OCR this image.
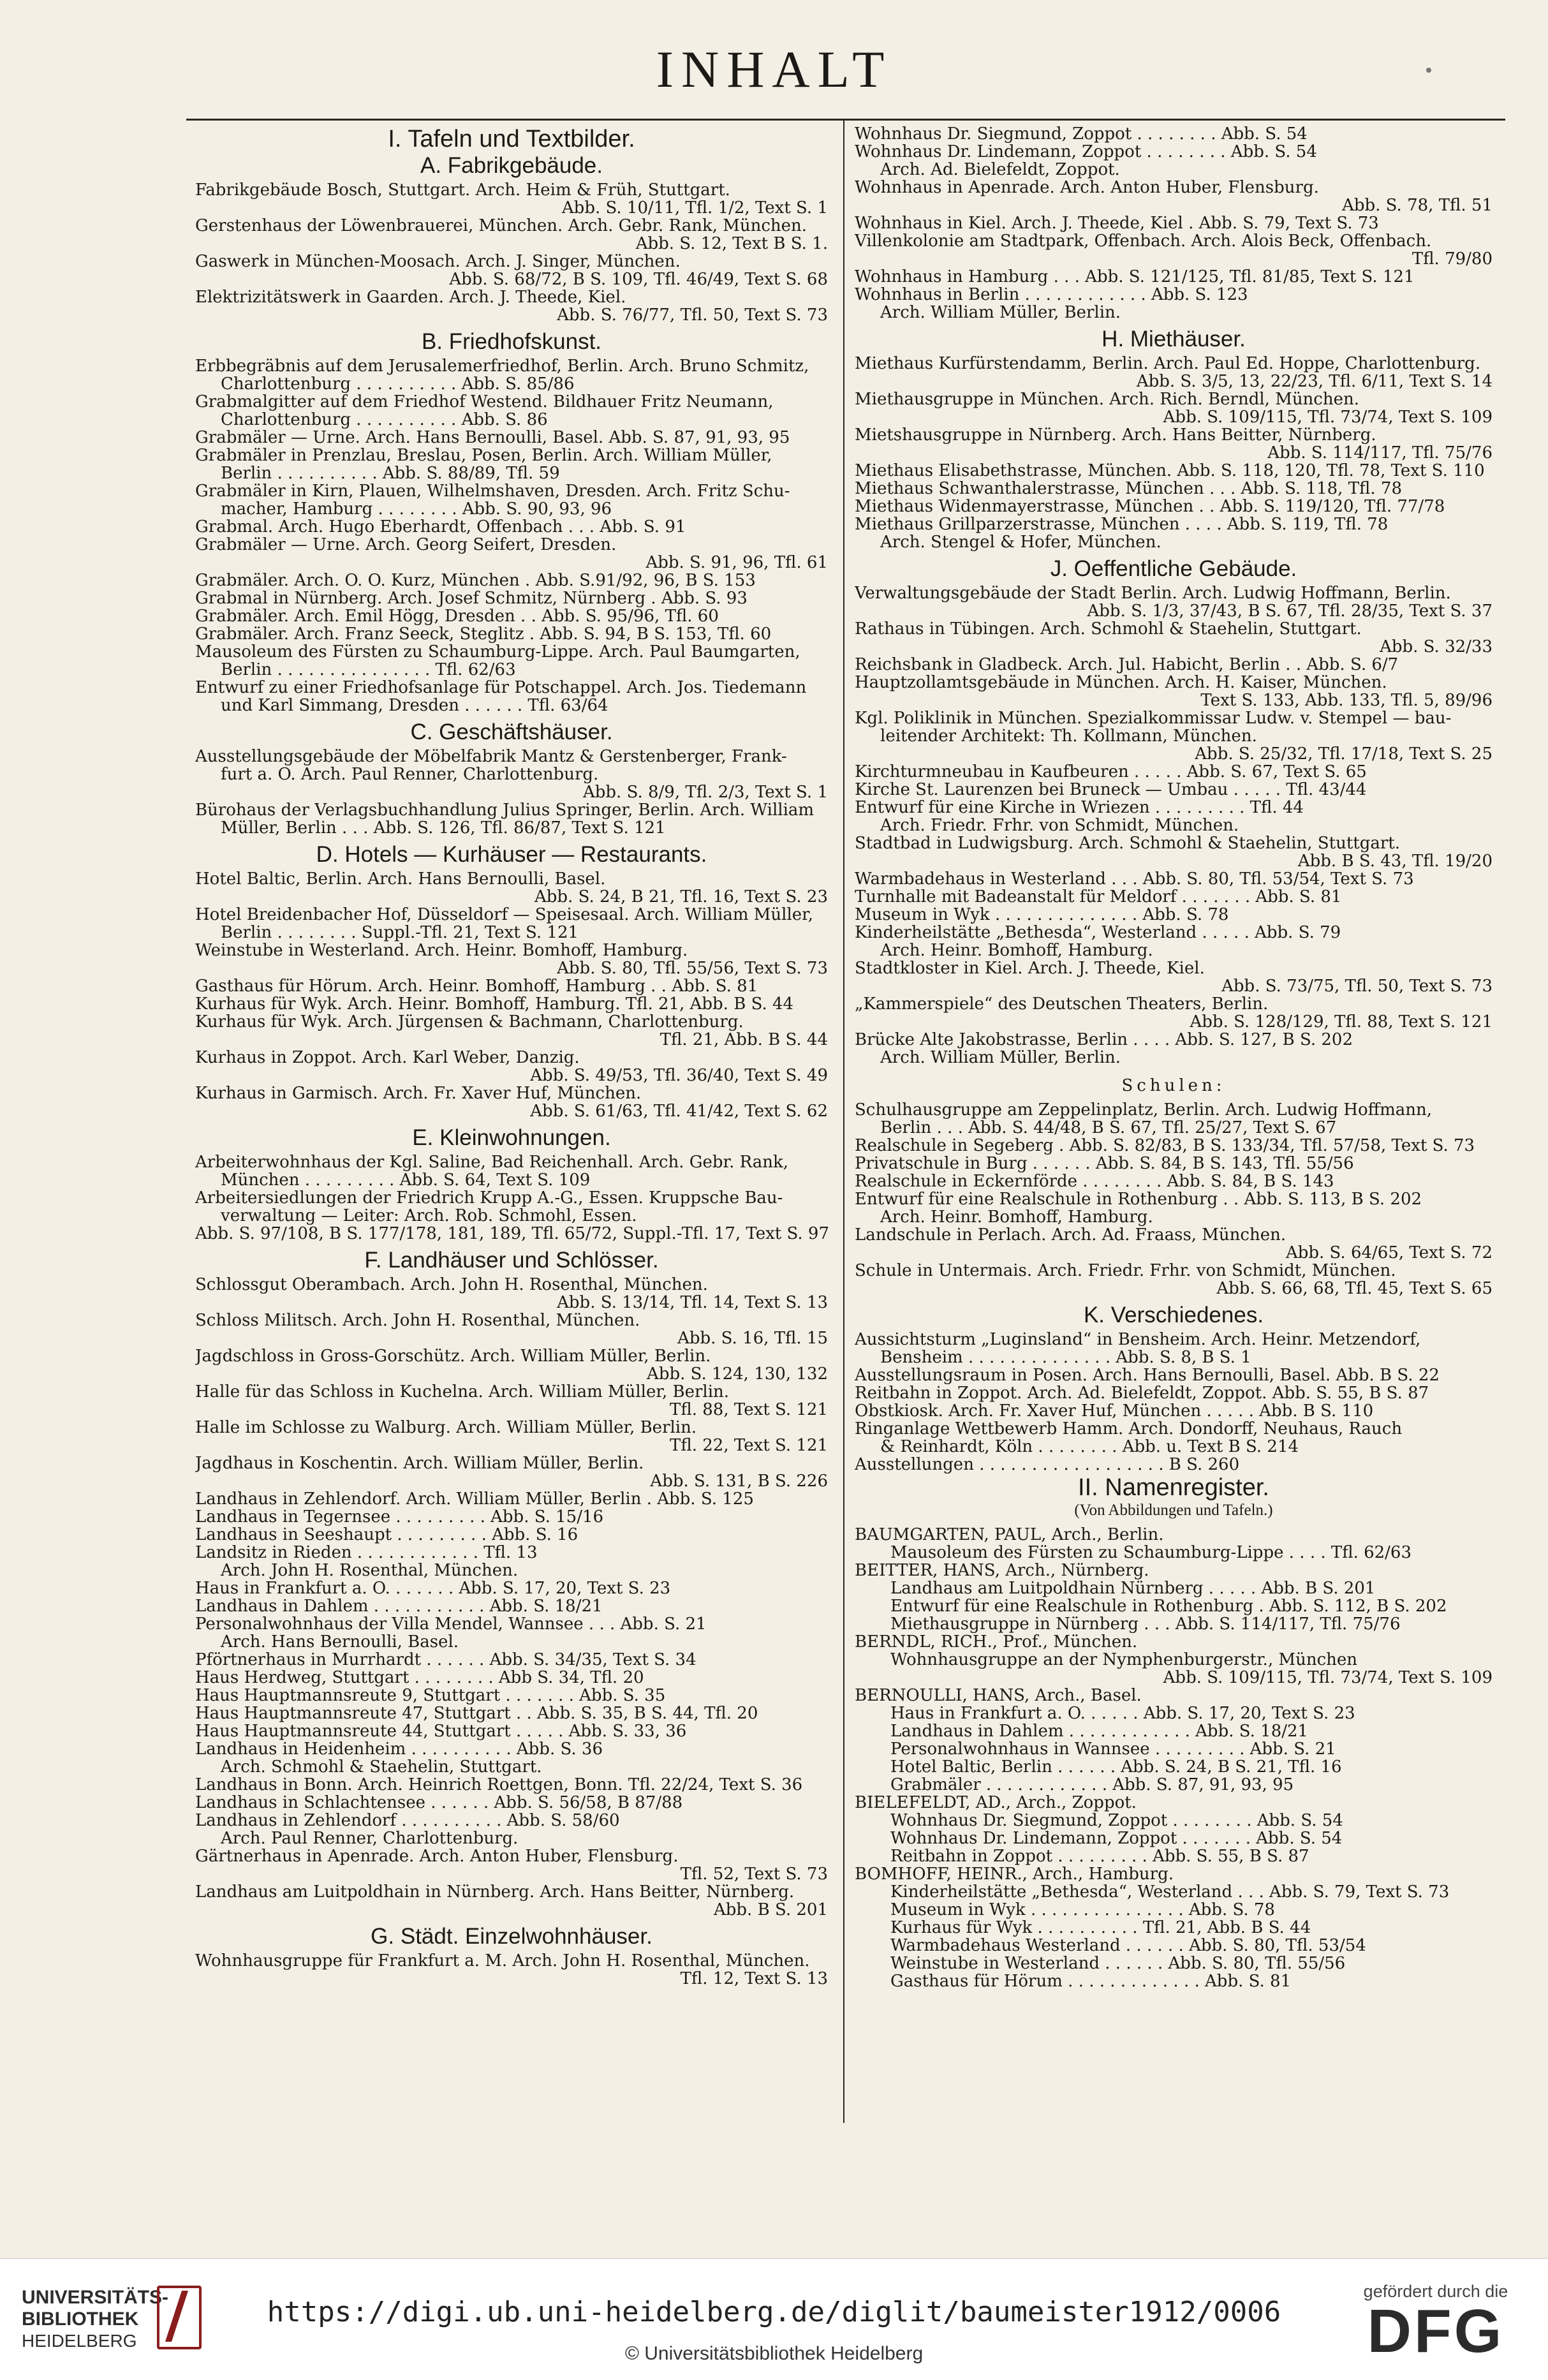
INHALT
I. Tafeln und Textbilder.
A. Fabrikgebäude.
Fabrikgebäude Bosch, Stuttgart. Arch. Heim & Früh, Stuttgart.
Abb. S. 10/11, Tfl. 1/2, Text S. 1
Gerstenhaus der Löwenbrauerei, München. Arch. Gebr. Rank, München.
Abb. S. 12, Text B S. 1.
Gaswerk in München-Moosach. Arch. J. Singer, München.
Abb. S. 68/72, B S. 109, Tfl. 46/49, Text S. 68
Elektrizitätswerk in Gaarden. Arch. J. Theede, Kiel.
Abb. S. 76/77, Tfl. 50, Text S. 73
B. Friedhofskunst.
Erbbegräbnis auf dem Jerusalemerfriedhof, Berlin. Arch. Bruno Schmitz,
Charlottenburg . . . . . . . . . . Abb. S. 85/86
Grabmalgitter auf dem Friedhof Westend. Bildhauer Fritz Neumann,
Charlottenburg . . . . . . . . . . Abb. S. 86
Grabmäler — Urne. Arch. Hans Bernoulli, Basel. Abb. S. 87, 91, 93, 95
Grabmäler in Prenzlau, Breslau, Posen, Berlin. Arch. William Müller,
Berlin . . . . . . . . . . Abb. S. 88/89, Tfl. 59
Grabmäler in Kirn, Plauen, Wilhelmshaven, Dresden. Arch. Fritz Schu-
macher, Hamburg . . . . . . . . Abb. S. 90, 93, 96
Grabmal. Arch. Hugo Eberhardt, Offenbach . . . Abb. S. 91
Grabmäler — Urne. Arch. Georg Seifert, Dresden.
Abb. S. 91, 96, Tfl. 61
Grabmäler. Arch. O. O. Kurz, München . Abb. S.91/92, 96, B S. 153
Grabmal in Nürnberg. Arch. Josef Schmitz, Nürnberg . Abb. S. 93
Grabmäler. Arch. Emil Högg, Dresden . . Abb. S. 95/96, Tfl. 60
Grabmäler. Arch. Franz Seeck, Steglitz . Abb. S. 94, B S. 153, Tfl. 60
Mausoleum des Fürsten zu Schaumburg-Lippe. Arch. Paul Baumgarten,
Berlin . . . . . . . . . . . . . . . Tfl. 62/63
Entwurf zu einer Friedhofsanlage für Potschappel. Arch. Jos. Tiedemann
und Karl Simmang, Dresden . . . . . . Tfl. 63/64
C. Geschäftshäuser.
Ausstellungsgebäude der Möbelfabrik Mantz & Gerstenberger, Frank-
furt a. O. Arch. Paul Renner, Charlottenburg.
Abb. S. 8/9, Tfl. 2/3, Text S. 1
Bürohaus der Verlagsbuchhandlung Julius Springer, Berlin. Arch. William
Müller, Berlin . . . Abb. S. 126, Tfl. 86/87, Text S. 121
D. Hotels — Kurhäuser — Restaurants.
Hotel Baltic, Berlin. Arch. Hans Bernoulli, Basel.
Abb. S. 24, B 21, Tfl. 16, Text S. 23
Hotel Breidenbacher Hof, Düsseldorf — Speisesaal. Arch. William Müller,
Berlin . . . . . . . . Suppl.-Tfl. 21, Text S. 121
Weinstube in Westerland. Arch. Heinr. Bomhoff, Hamburg.
Abb. S. 80, Tfl. 55/56, Text S. 73
Gasthaus für Hörum. Arch. Heinr. Bomhoff, Hamburg . . Abb. S. 81
Kurhaus für Wyk. Arch. Heinr. Bomhoff, Hamburg. Tfl. 21, Abb. B S. 44
Kurhaus für Wyk. Arch. Jürgensen & Bachmann, Charlottenburg.
Tfl. 21, Abb. B S. 44
Kurhaus in Zoppot. Arch. Karl Weber, Danzig.
Abb. S. 49/53, Tfl. 36/40, Text S. 49
Kurhaus in Garmisch. Arch. Fr. Xaver Huf, München.
Abb. S. 61/63, Tfl. 41/42, Text S. 62
E. Kleinwohnungen.
Arbeiterwohnhaus der Kgl. Saline, Bad Reichenhall. Arch. Gebr. Rank,
München . . . . . . . . . Abb. S. 64, Text S. 109
Arbeitersiedlungen der Friedrich Krupp A.-G., Essen. Kruppsche Bau-
verwaltung — Leiter: Arch. Rob. Schmohl, Essen.
Abb. S. 97/108, B S. 177/178, 181, 189, Tfl. 65/72, Suppl.-Tfl. 17, Text S. 97
F. Landhäuser und Schlösser.
Schlossgut Oberambach. Arch. John H. Rosenthal, München.
Abb. S. 13/14, Tfl. 14, Text S. 13
Schloss Militsch. Arch. John H. Rosenthal, München.
Abb. S. 16, Tfl. 15
Jagdschloss in Gross-Gorschütz. Arch. William Müller, Berlin.
Abb. S. 124, 130, 132
Halle für das Schloss in Kuchelna. Arch. William Müller, Berlin.
Tfl. 88, Text S. 121
Halle im Schlosse zu Walburg. Arch. William Müller, Berlin.
Tfl. 22, Text S. 121
Jagdhaus in Koschentin. Arch. William Müller, Berlin.
Abb. S. 131, B S. 226
Landhaus in Zehlendorf. Arch. William Müller, Berlin . Abb. S. 125
Landhaus in Tegernsee . . . . . . . . . Abb. S. 15/16
Landhaus in Seeshaupt . . . . . . . . . Abb. S. 16
Landsitz in Rieden . . . . . . . . . . . . Tfl. 13
Arch. John H. Rosenthal, München.
Haus in Frankfurt a. O. . . . . . . Abb. S. 17, 20, Text S. 23
Landhaus in Dahlem . . . . . . . . . . . Abb. S. 18/21
Personalwohnhaus der Villa Mendel, Wannsee . . . Abb. S. 21
Arch. Hans Bernoulli, Basel.
Pförtnerhaus in Murrhardt . . . . . . Abb. S. 34/35, Text S. 34
Haus Herdweg, Stuttgart . . . . . . . . Abb S. 34, Tfl. 20
Haus Hauptmannsreute 9, Stuttgart . . . . . . . Abb. S. 35
Haus Hauptmannsreute 47, Stuttgart . . Abb. S. 35, B S. 44, Tfl. 20
Haus Hauptmannsreute 44, Stuttgart . . . . . Abb. S. 33, 36
Landhaus in Heidenheim . . . . . . . . . . Abb. S. 36
Arch. Schmohl & Staehelin, Stuttgart.
Landhaus in Bonn. Arch. Heinrich Roettgen, Bonn. Tfl. 22/24, Text S. 36
Landhaus in Schlachtensee . . . . . . Abb. S. 56/58, B 87/88
Landhaus in Zehlendorf . . . . . . . . . . Abb. S. 58/60
Arch. Paul Renner, Charlottenburg.
Gärtnerhaus in Apenrade. Arch. Anton Huber, Flensburg.
Tfl. 52, Text S. 73
Landhaus am Luitpoldhain in Nürnberg. Arch. Hans Beitter, Nürnberg.
Abb. B S. 201
G. Städt. Einzelwohnhäuser.
Wohnhausgruppe für Frankfurt a. M. Arch. John H. Rosenthal, München.
Tfl. 12, Text S. 13
Wohnhaus Dr. Siegmund, Zoppot . . . . . . . . Abb. S. 54
Wohnhaus Dr. Lindemann, Zoppot . . . . . . . . Abb. S. 54
Arch. Ad. Bielefeldt, Zoppot.
Wohnhaus in Apenrade. Arch. Anton Huber, Flensburg.
Abb. S. 78, Tfl. 51
Wohnhaus in Kiel. Arch. J. Theede, Kiel . Abb. S. 79, Text S. 73
Villenkolonie am Stadtpark, Offenbach. Arch. Alois Beck, Offenbach.
Tfl. 79/80
Wohnhaus in Hamburg . . . Abb. S. 121/125, Tfl. 81/85, Text S. 121
Wohnhaus in Berlin . . . . . . . . . . . . Abb. S. 123
Arch. William Müller, Berlin.
H. Miethäuser.
Miethaus Kurfürstendamm, Berlin. Arch. Paul Ed. Hoppe, Charlottenburg.
Abb. S. 3/5, 13, 22/23, Tfl. 6/11, Text S. 14
Miethausgruppe in München. Arch. Rich. Berndl, München.
Abb. S. 109/115, Tfl. 73/74, Text S. 109
Mietshausgruppe in Nürnberg. Arch. Hans Beitter, Nürnberg.
Abb. S. 114/117, Tfl. 75/76
Miethaus Elisabethstrasse, München. Abb. S. 118, 120, Tfl. 78, Text S. 110
Miethaus Schwanthalerstrasse, München . . . Abb. S. 118, Tfl. 78
Miethaus Widenmayerstrasse, München . . Abb. S. 119/120, Tfl. 77/78
Miethaus Grillparzerstrasse, München . . . . Abb. S. 119, Tfl. 78
Arch. Stengel & Hofer, München.
J. Oeffentliche Gebäude.
Verwaltungsgebäude der Stadt Berlin. Arch. Ludwig Hoffmann, Berlin.
Abb. S. 1/3, 37/43, B S. 67, Tfl. 28/35, Text S. 37
Rathaus in Tübingen. Arch. Schmohl & Staehelin, Stuttgart.
Abb. S. 32/33
Reichsbank in Gladbeck. Arch. Jul. Habicht, Berlin . . Abb. S. 6/7
Hauptzollamtsgebäude in München. Arch. H. Kaiser, München.
Text S. 133, Abb. 133, Tfl. 5, 89/96
Kgl. Poliklinik in München. Spezialkommissar Ludw. v. Stempel — bau-
leitender Architekt: Th. Kollmann, München.
Abb. S. 25/32, Tfl. 17/18, Text S. 25
Kirchturmneubau in Kaufbeuren . . . . . Abb. S. 67, Text S. 65
Kirche St. Laurenzen bei Bruneck — Umbau . . . . . Tfl. 43/44
Entwurf für eine Kirche in Wriezen . . . . . . . . . Tfl. 44
Arch. Friedr. Frhr. von Schmidt, München.
Stadtbad in Ludwigsburg. Arch. Schmohl & Staehelin, Stuttgart.
Abb. B S. 43, Tfl. 19/20
Warmbadehaus in Westerland . . . Abb. S. 80, Tfl. 53/54, Text S. 73
Turnhalle mit Badeanstalt für Meldorf . . . . . . . Abb. S. 81
Museum in Wyk . . . . . . . . . . . . . . Abb. S. 78
Kinderheilstätte „Bethesda“, Westerland . . . . . Abb. S. 79
Arch. Heinr. Bomhoff, Hamburg.
Stadtkloster in Kiel. Arch. J. Theede, Kiel.
Abb. S. 73/75, Tfl. 50, Text S. 73
„Kammerspiele“ des Deutschen Theaters, Berlin.
Abb. S. 128/129, Tfl. 88, Text S. 121
Brücke Alte Jakobstrasse, Berlin . . . . Abb. S. 127, B S. 202
Arch. William Müller, Berlin.
Schulen:
Schulhausgruppe am Zeppelinplatz, Berlin. Arch. Ludwig Hoffmann,
Berlin . . . Abb. S. 44/48, B S. 67, Tfl. 25/27, Text S. 67
Realschule in Segeberg . Abb. S. 82/83, B S. 133/34, Tfl. 57/58, Text S. 73
Privatschule in Burg . . . . . . Abb. S. 84, B S. 143, Tfl. 55/56
Realschule in Eckernförde . . . . . . . . Abb. S. 84, B S. 143
Entwurf für eine Realschule in Rothenburg . . Abb. S. 113, B S. 202
Arch. Heinr. Bomhoff, Hamburg.
Landschule in Perlach. Arch. Ad. Fraass, München.
Abb. S. 64/65, Text S. 72
Schule in Untermais. Arch. Friedr. Frhr. von Schmidt, München.
Abb. S. 66, 68, Tfl. 45, Text S. 65
K. Verschiedenes.
Aussichtsturm „Luginsland“ in Bensheim. Arch. Heinr. Metzendorf,
Bensheim . . . . . . . . . . . . . . Abb. S. 8, B S. 1
Ausstellungsraum in Posen. Arch. Hans Bernoulli, Basel. Abb. B S. 22
Reitbahn in Zoppot. Arch. Ad. Bielefeldt, Zoppot. Abb. S. 55, B S. 87
Obstkiosk. Arch. Fr. Xaver Huf, München . . . . . Abb. B S. 110
Ringanlage Wettbewerb Hamm. Arch. Dondorff, Neuhaus, Rauch
& Reinhardt, Köln . . . . . . . . Abb. u. Text B S. 214
Ausstellungen . . . . . . . . . . . . . . . . . . B S. 260
II. Namenregister.
(Von Abbildungen und Tafeln.)
BAUMGARTEN, PAUL, Arch., Berlin.
Mausoleum des Fürsten zu Schaumburg-Lippe . . . . Tfl. 62/63
BEITTER, HANS, Arch., Nürnberg.
Landhaus am Luitpoldhain Nürnberg . . . . . Abb. B S. 201
Entwurf für eine Realschule in Rothenburg . Abb. S. 112, B S. 202
Miethausgruppe in Nürnberg . . . Abb. S. 114/117, Tfl. 75/76
BERNDL, RICH., Prof., München.
Wohnhausgruppe an der Nymphenburgerstr., München
Abb. S. 109/115, Tfl. 73/74, Text S. 109
BERNOULLI, HANS, Arch., Basel.
Haus in Frankfurt a. O. . . . . . Abb. S. 17, 20, Text S. 23
Landhaus in Dahlem . . . . . . . . . . . . Abb. S. 18/21
Personalwohnhaus in Wannsee . . . . . . . . . Abb. S. 21
Hotel Baltic, Berlin . . . . . . Abb. S. 24, B S. 21, Tfl. 16
Grabmäler . . . . . . . . . . . . Abb. S. 87, 91, 93, 95
BIELEFELDT, AD., Arch., Zoppot.
Wohnhaus Dr. Siegmund, Zoppot . . . . . . . . Abb. S. 54
Wohnhaus Dr. Lindemann, Zoppot . . . . . . . Abb. S. 54
Reitbahn in Zoppot . . . . . . . . . Abb. S. 55, B S. 87
BOMHOFF, HEINR., Arch., Hamburg.
Kinderheilstätte „Bethesda“, Westerland . . . Abb. S. 79, Text S. 73
Museum in Wyk . . . . . . . . . . . . . . . Abb. S. 78
Kurhaus für Wyk . . . . . . . . . . Tfl. 21, Abb. B S. 44
Warmbadehaus Westerland . . . . . . Abb. S. 80, Tfl. 53/54
Weinstube in Westerland . . . . . . Abb. S. 80, Tfl. 55/56
Gasthaus für Hörum . . . . . . . . . . . . . Abb. S. 81
UNIVERSITÄTS-
BIBLIOTHEK
HEIDELBERG
https://digi.ub.uni-heidelberg.de/diglit/baumeister1912/0006
© Universitätsbibliothek Heidelberg
gefördert durch die
DFG
